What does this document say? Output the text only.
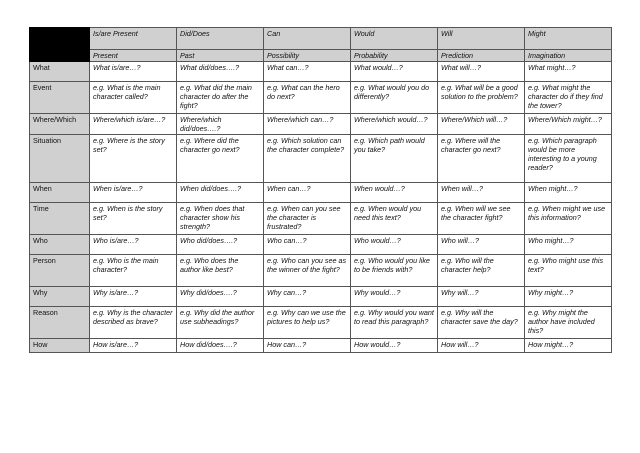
	Is/are Present	Did/Does	Can	Would	Will	Might
	Present	Past	Possibility	Probability	Prediction	Imagination
What	What is/are…?	What did/does….?	What can…?	What would…?	What will…?	What might…?
Event	e.g. What is the main character called?	e.g. What did the main character do after the fight?	e.g. What can the hero do next?	e.g. What would you do differently?	e.g. What will be a good solution to the problem?	e.g. What might the character do if they find the tower?
Where/Which	Where/which is/are…?	Where/which did/does….?	Where/which can…?	Where/which would…?	Where/Which will…?	Where/Which might…?
Situation	e.g. Where is the story set?	e.g. Where did the character go next?	e.g. Which solution can the character complete?	e.g. Which path would you take?	e.g. Where will the character go next?	e.g. Which paragraph would be more interesting to a young reader?
When	When is/are…?	When did/does….?	When can…?	When would…?	When will…?	When might…?
Time	e.g. When is the story set?	e.g. When does that character show his strength?	e.g. When can you see the character is frustrated?	e.g. When would you need this text?	e.g. When will we see the character fight?	e.g. When might we use this information?
Who	Who is/are…?	Who did/does….?	Who can…?	Who would…?	Who will…?	Who might…?
Person	e.g. Who is the main character?	e.g. Who does the author like best?	e.g. Who can you see as the winner of the fight?	e.g. Who would you like to be friends with?	e.g. Who will the character help?	e.g. Who might use this text?
Why	Why is/are…?	Why did/does….?	Why can…?	Why would…?	Why will…?	Why might…?
Reason	e.g. Why is the character described as brave?	e.g. Why did the author use subheadings?	e.g. Why can we use the pictures to help us?	e.g. Why would you want to read this paragraph?	e.g. Why will the character save the day?	e.g. Why might the author have included this?
How	How is/are…?	How did/does….?	How can…?	How would…?	How will…?	How might…?
